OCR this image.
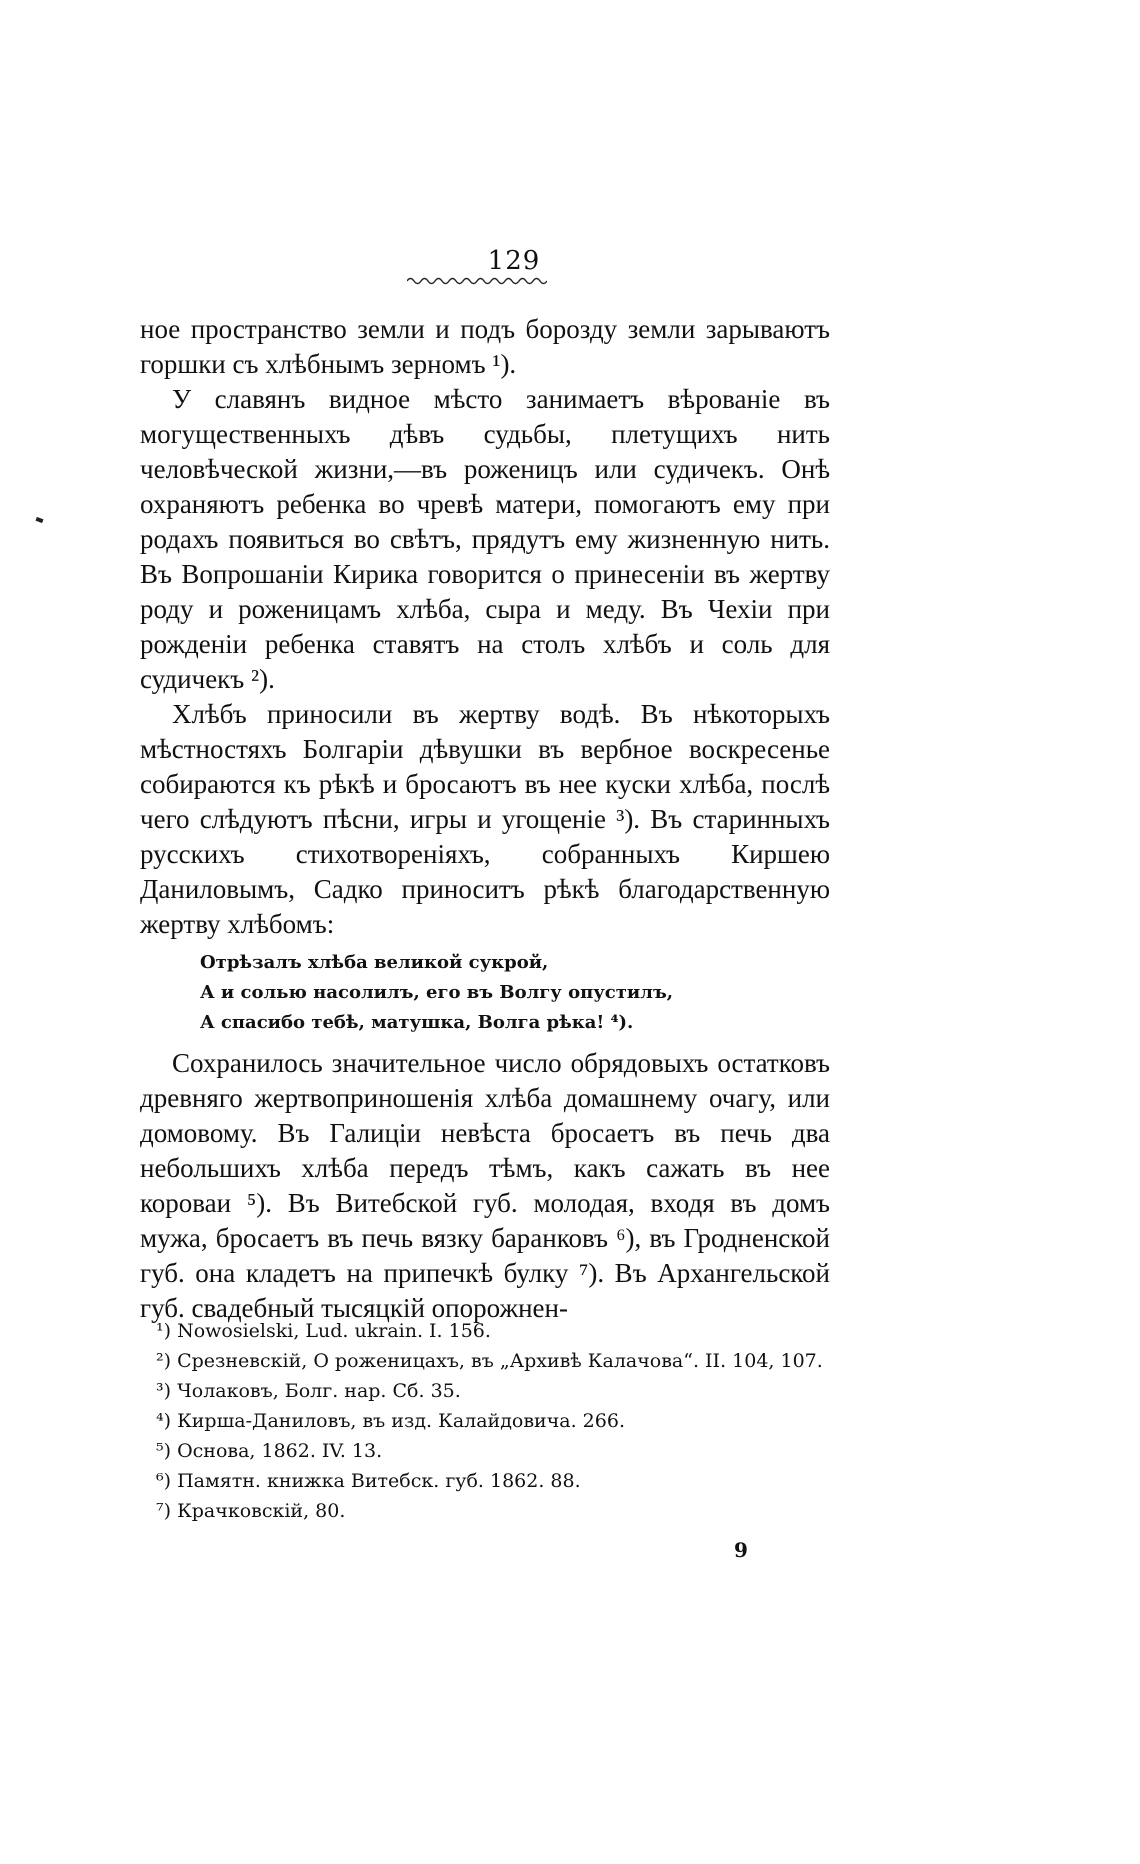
129

ное пространство земли и подъ борозду земли зарываютъ горшки съ хлѣбнымъ зерномъ ¹).

У славянъ видное мѣсто занимаетъ вѣрованіе въ могущественныхъ дѣвъ судьбы, плетущихъ нить человѣческой жизни,—въ роженицъ или судичекъ. Онѣ охраняютъ ребенка во чревѣ матери, помогаютъ ему при родахъ появиться во свѣтъ, прядутъ ему жизненную нить. Въ Вопрошаніи Кирика говорится о принесеніи въ жертву роду и роженицамъ хлѣба, сыра и меду. Въ Чехіи при рожденіи ребенка ставятъ на столъ хлѣбъ и соль для судичекъ ²).

Хлѣбъ приносили въ жертву водѣ. Въ нѣкоторыхъ мѣстностяхъ Болгаріи дѣвушки въ вербное воскресенье собираются къ рѣкѣ и бросаютъ въ нее куски хлѣба, послѣ чего слѣдуютъ пѣсни, игры и угощеніе ³). Въ старинныхъ русскихъ стихотвореніяхъ, собранныхъ Киршею Даниловымъ, Садко приноситъ рѣкѣ благодарственную жертву хлѣбомъ:

Отрѣзалъ хлѣба великой сукрой,
А и солью насолилъ, его въ Волгу опустилъ,
А спасибо тебѣ, матушка, Волга рѣка! ⁴).

Сохранилось значительное число обрядовыхъ остатковъ древняго жертвоприношенія хлѣба домашнему очагу, или домовому. Въ Галиціи невѣста бросаетъ въ печь два небольшихъ хлѣба передъ тѣмъ, какъ сажать въ нее короваи ⁵). Въ Витебской губ. молодая, входя въ домъ мужа, бросаетъ въ печь вязку баранковъ ⁶), въ Гродненской губ. она кладетъ на припечкѣ булку ⁷). Въ Архангельской губ. свадебный тысяцкій опорожнен-

¹) Nowosielski, Lud. ukrain. I. 156.
²) Срезневскій, О роженицахъ, въ „Архивѣ Калачова“. II. 104, 107.
³) Чолаковъ, Болг. нар. Сб. 35.
⁴) Кирша-Даниловъ, въ изд. Калайдовича. 266.
⁵) Основа, 1862. IV. 13.
⁶) Памятн. книжка Витебск. губ. 1862. 88.
⁷) Крачковскій, 80.
9
